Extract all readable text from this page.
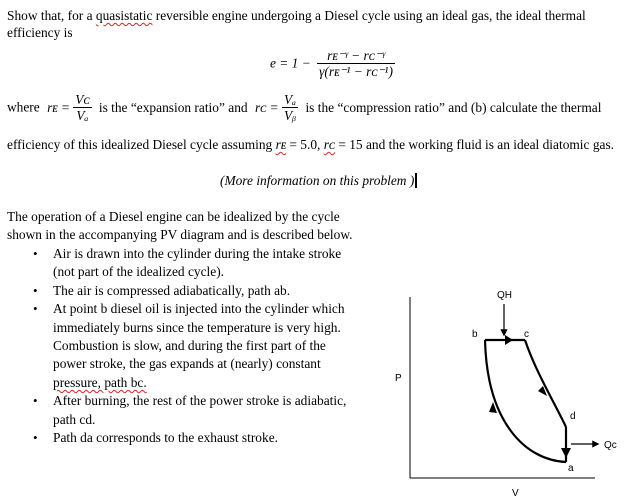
Show that, for a quasistatic reversible engine undergoing a Diesel cycle using an ideal gas, the ideal thermal
efficiency is
$e = 1 - \frac{\text{rᴇ⁻ᵞ − rᴄ⁻ᵞ}}{\text{γ(rᴇ⁻¹ − rᴄ⁻¹)}}$
where rᴇ = $\frac{\text{Vᴄ}}{\text{Vₐ}}$ is the “expansion ratio” and rᴄ = $\frac{\text{Vₐ}}{\text{Vᵦ}}$ is the “compression ratio” and (b) calculate the thermal
efficiency of this idealized Diesel cycle assuming rᴇ = 5.0, rᴄ = 15 and the working fluid is an ideal diatomic gas.
(More information on this problem )
The operation of a Diesel engine can be idealized by the cycle
shown in the accompanying PV diagram and is described below.
• Air is drawn into the cylinder during the intake stroke
(not part of the idealized cycle).
• The air is compressed adiabatically, path ab.
• At point b diesel oil is injected into the cylinder which
immediately burns since the temperature is very high.
Combustion is slow, and during the first part of the
power stroke, the gas expands at (nearly) constant
pressure, path bc.
• After burning, the rest of the power stroke is adiabatic,
path cd.
• Path da corresponds to the exhaust stroke.
QH
Qc
P
V
b	c
d
a
